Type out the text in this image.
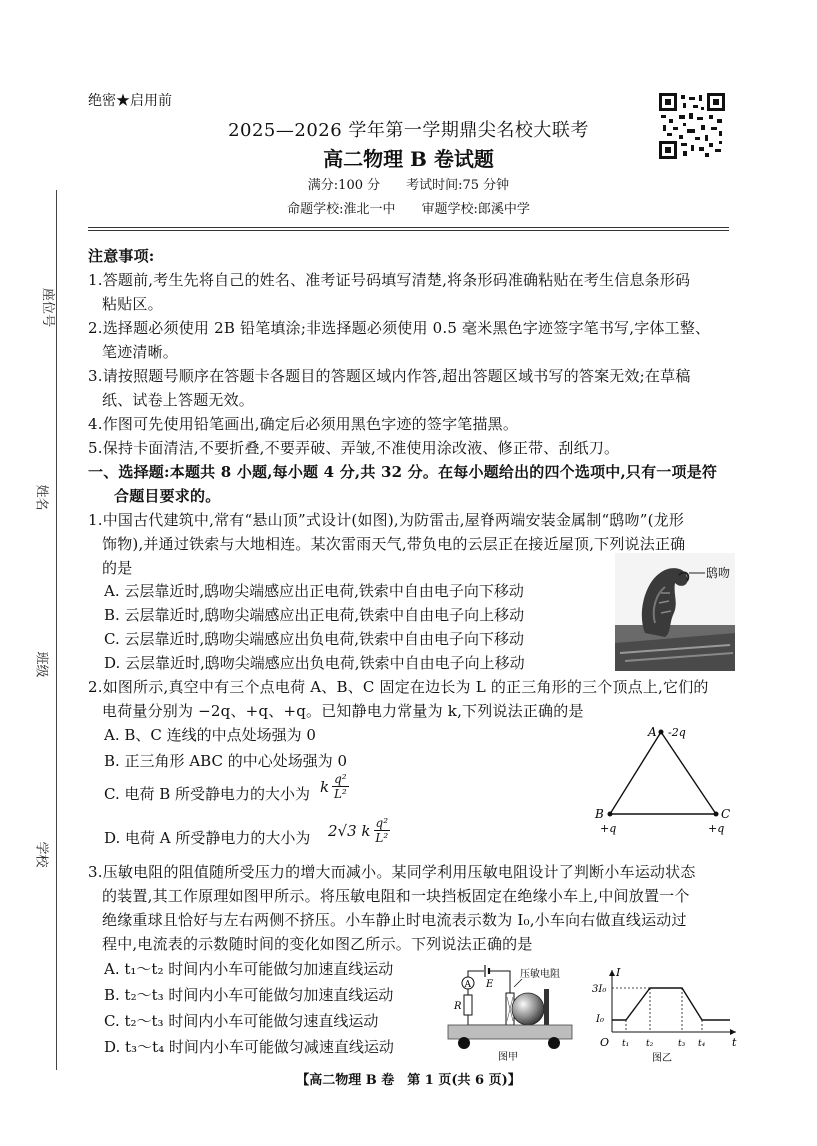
座位号
姓名
班级
学校
绝密★启用前
2025—2026 学年第一学期鼎尖名校大联考
高二物理 B 卷试题
满分:100 分　　考试时间:75 分钟
命题学校:淮北一中　　审题学校:郎溪中学
注意事项:
1.答题前,考生先将自己的姓名、准考证号码填写清楚,将条形码准确粘贴在考生信息条形码
粘贴区。
2.选择题必须使用 2B 铅笔填涂;非选择题必须使用 0.5 毫米黑色字迹签字笔书写,字体工整、
笔迹清晰。
3.请按照题号顺序在答题卡各题目的答题区域内作答,超出答题区域书写的答案无效;在草稿
纸、试卷上答题无效。
4.作图可先使用铅笔画出,确定后必须用黑色字迹的签字笔描黑。
5.保持卡面清洁,不要折叠,不要弄破、弄皱,不准使用涂改液、修正带、刮纸刀。
一、选择题:本题共 8 小题,每小题 4 分,共 32 分。在每小题给出的四个选项中,只有一项是符
合题目要求的。
1.中国古代建筑中,常有“悬山顶”式设计(如图),为防雷击,屋脊两端安装金属制“鸱吻”(龙形
饰物),并通过铁索与大地相连。某次雷雨天气,带负电的云层正在接近屋顶,下列说法正确
的是
A. 云层靠近时,鸱吻尖端感应出正电荷,铁索中自由电子向下移动
B. 云层靠近时,鸱吻尖端感应出正电荷,铁索中自由电子向上移动
C. 云层靠近时,鸱吻尖端感应出负电荷,铁索中自由电子向下移动
D. 云层靠近时,鸱吻尖端感应出负电荷,铁索中自由电子向上移动
鸱吻
2.如图所示,真空中有三个点电荷 A、B、C 固定在边长为 L 的正三角形的三个顶点上,它们的
电荷量分别为 −2q、+q、+q。已知静电力常量为 k,下列说法正确的是
A. B、C 连线的中点处场强为 0
B. 正三角形 ABC 的中心处场强为 0
C. 电荷 B 所受静电力的大小为 k $\frac{\text{q²}}{\text{L²}}$
D. 电荷 A 所受静电力的大小为 2√3 k $\frac{\text{q²}}{\text{L²}}$
A -2q
B
+q
C
+q
3.压敏电阻的阻值随所受压力的增大而减小。某同学利用压敏电阻设计了判断小车运动状态
的装置,其工作原理如图甲所示。将压敏电阻和一块挡板固定在绝缘小车上,中间放置一个
绝缘重球且恰好与左右两侧不挤压。小车静止时电流表示数为 I₀,小车向右做直线运动过
程中,电流表的示数随时间的变化如图乙所示。下列说法正确的是
A. t₁～t₂ 时间内小车可能做匀加速直线运动
B. t₂～t₃ 时间内小车可能做匀加速直线运动
C. t₂～t₃ 时间内小车可能做匀速直线运动
D. t₃～t₄ 时间内小车可能做匀减速直线运动
A E
R
压敏电阻
图甲
I
t
O
3I₀
I₀
t₁ t₂	t₃ t₄
图乙
【高二物理 B 卷　第 1 页(共 6 页)】
